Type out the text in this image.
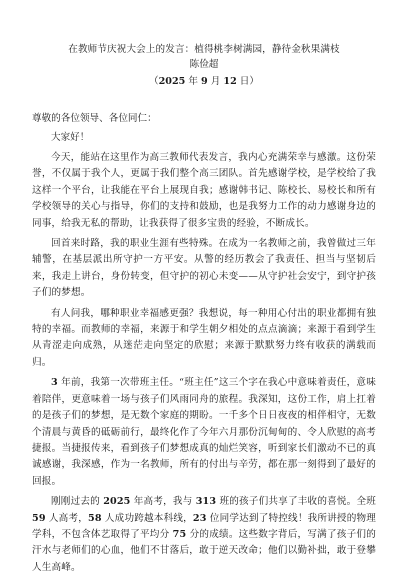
在教师节庆祝大会上的发言：植得桃李树满园，静待金秋果满枝

陈俭超

（2025 年 9 月 12 日）

尊敬的各位领导、各位同仁：

大家好！

今天，能站在这里作为高三教师代表发言，我内心充满荣幸与感激。这份荣誉，不仅属于我个人，更属于我们整个高三团队。首先感谢学校，是学校给了我这样一个平台，让我能在平台上展现自我；感谢韩书记、陈校长、易校长和所有学校领导的关心与指导，你们的支持和鼓励，也是我努力工作的动力感谢身边的同事，给我无私的帮助，让我获得了很多宝贵的经验，不断成长。

回首来时路，我的职业生涯有些特殊。在成为一名教师之前，我曾做过三年辅警，在基层派出所守护一方平安。从警的经历教会了我责任、担当与坚韧后来，我走上讲台，身份转变，但守护的初心未变——从守护社会安宁，到守护孩子们的梦想。

有人问我，哪种职业幸福感更强？我想说，每一种用心付出的职业都拥有独特的幸福。而教师的幸福，来源于和学生朝夕相处的点点滴滴；来源于看到学生从青涩走向成熟，从迷茫走向坚定的欣慰；来源于默默努力终有收获的满载而归。

3 年前，我第一次带班主任。“班主任”这三个字在我心中意味着责任，意味着陪伴，更意味着一场与孩子们风雨同舟的旅程。我深知，这份工作，肩上扛着的是孩子们的梦想，是无数个家庭的期盼。一千多个日日夜夜的相伴相守，无数个清晨与黄昏的砥砺前行，最终化作了今年六月那份沉甸甸的、令人欣慰的高考捷报。当捷报传来，看到孩子们梦想成真的灿烂笑容，听到家长们激动不已的真诚感谢，我深感，作为一名教师，所有的付出与辛劳，都在那一刻得到了最好的回报。

刚刚过去的 2025 年高考，我与 313 班的孩子们共享了丰收的喜悦。全班 59 人高考，58 人成功跨越本科线，23 位同学达到了特控线！我所讲授的物理学科，不包含体艺取得了平均分 75 分的成绩。这些数字背后，写满了孩子们的汗水与老师们的心血，他们不甘落后，敢于逆天改命；他们以勤补拙，敢于登攀人生高峰。
